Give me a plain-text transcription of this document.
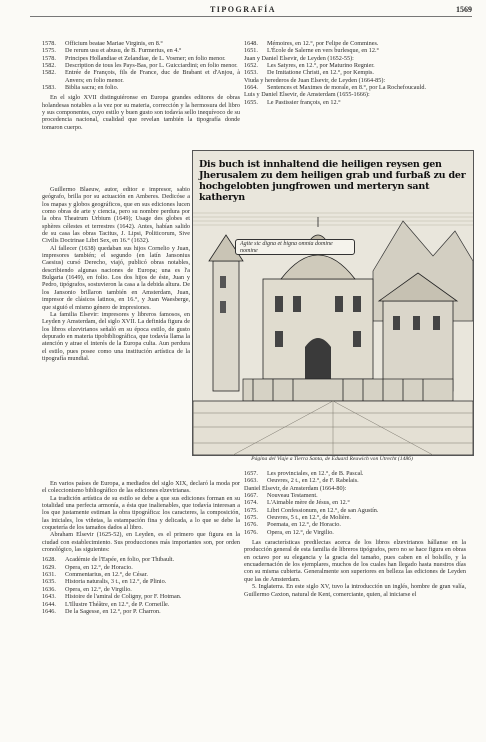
TIPOGRAFÍA	1569
1578.	Officium beatae Mariae Virginis, en 8.°
1575.	De rerum usu et abusu, de B. Furmerius, en 4.°
1578.	Principes Hollandiae et Zelandiae, de L. Vosmer; en folio menor.
1582.	Description de tous les Pays-Bas, por L. Guicciardini; en folio menor.
1582.	Entrée de François, fils de France, duc de Brabant et d'Anjou, à Anvers; en folio menor.
1583.	Biblia sacra; en folio.

En el siglo XVII distinguiéronse en Europa grandes editores de obras holandesas notables a la vez por su materia, corrección y la hermosura del libro y sus componentes, cuyo estilo y buen gusto son todavía sello inequívoco de su procedencia nacional, cualidad que revelan también la tipografía donde tomaron cuerpo.

Guillermo Blaeuw, autor, editor e impresor, sabio geógrafo, brilla por su actuación en Amberes. Dedicóse a los mapas y globos geográficos, que en sus ediciones lucen como obras de arte y ciencia, pero su nombre perdura por la obra Theatrum Urbium (1649); Usage des globes et sphères célestes et terrestres (1642). Antes, habían salido de su casa las obras Tacitus, J. Lipsi, Politicorum, Sive Civilis Doctrinae Libri Sex, en 16.° (1632).

Al fallecer (1638) quedaban sus hijos Cornelio y Juan, impresores también; el segundo (en latín Jansonius Caesius) cursó Derecho, viajó, publicó obras notables, describiendo algunas naciones de Europa; una es l'a Bulgaria (1649), en folio. Los dos hijos de éste, Juan y Pedro, tipógrafos, sostuvieron la casa a la debida altura. De los Jansonio brillaron también en Amsterdam, Juan, impresor de clásicos latinos, en 16.°, y Juan Waesberge, que siguió el mismo género de impresiones.

La familia Elsevir: impresores y libreros famosos, en Leyden y Amsterdam, del siglo XVII. La definida figura de los libros elzevirianos señaló en su época estilo, de gusto depurado en materia tipobibliográfica, que todavía llama la atención y atrae el interés de la Europa culta. Aun perdura el estilo, pues posee como una institución artística de la tipografía mundial.

En varios países de Europa, a mediados del siglo XIX, declaró la moda por el coleccionismo bibliográfico de las ediciones elzevirianas.

La tradición artística de su estilo se debe a que sus ediciones forman en su totalidad una perfecta armonía, a ésta que inalienables, que todavía interesan a los que justamente estiman la obra tipográfica: los caracteres, la composición, las iniciales, los viñetas, la estampación fina y delicada, a lo que se debe la coquetería de los tamaños dados al libro.

Abraham Elsevir (1625-52), en Leyden, es el primero que figura en la ciudad con establecimiento. Sus producciones más importantes son, por orden cronológico, las siguientes:

1628.	Académie de l'Espée, en folio, por Thibault.
1629.	Opera, en 12.°, de Horacio.
1631.	Commentarius, en 12.°, de César.
1635.	Historia naturalis, 3 t., en 12.°, de Plinio.
1636.	Opera, en 12.°, de Virgilio.
1643.	Histoire de l'amiral de Coligny, por F. Hotman.
1644.	L'Illustre Théâtre, en 12.°, de P. Corneille.
1646.	De la Sagesse, en 12.°, por P. Charron.
1648.	Mémoires, en 12.°, por Felipe de Commines.
1651.	L'École de Salerne en vers burlesque, en 12.°
Juan y Daniel Elsevir, de Leyden (1652-55):
1652.	Les Satyres, en 12.°, por Maturino Regnier.
1653.	De Imitatione Christi, en 12.°, por Kempis.
Viuda y herederos de Juan Elsevir, de Leyden (1664-85):
1664.	Sentences et Maximes de morale, en 8.°, por La Rochefoucauld.
Luis y Daniel Elsevir, de Amsterdam (1655-1666):
1655.	Le Pastissier françois, en 12.°
Dis buch ist innhaltend die heiligen reysen gen Jherusalem zu dem heiligen grab und furbaß zu der hochgelobten jungfrowen und merteryn sant katheryn
Agite sic digna et bigna omnia domine nomine
Página del Viaje a Tierra Santa, de Eduard Reuwich von Utrecht (1486)
1657.	Les provinciales, en 12.°, de B. Pascal.
1663.	Oeuvres, 2 t., en 12.°, de F. Rabelais.
Daniel Elsevir, de Amsterdam (1664-80):
1667.	Nouveau Testament.
1674.	L'Aimable mère de Jésus, en 12.°
1675.	Libri Confessionum, en 12.°, de san Agustín.
1675.	Oeuvres, 5 t., en 12.°, de Molière.
1676.	Poemata, en 12.°, de Horacio.
1676.	Opera, en 12.°, de Virgilio.

Las características predilectas acerca de los libros elzevirianos hállanse en la producción general de esta familia de libreros tipógrafos, pero no se hace figura en obras en octavo por su elegancia y la gracia del tamaño, pues caben en el bolsillo, y la encuadernación de los ejemplares, muchos de los cuales han llegado hasta nuestros días con su misma cubierta. Generalmente son superiores en belleza las ediciones de Leyden que las de Amsterdam.

5. Inglaterra. En este siglo XV, tuvo la introducción un inglés, hombre de gran valía, Guillermo Caxton, natural de Kent, comerciante, quien, al iniciarse el
